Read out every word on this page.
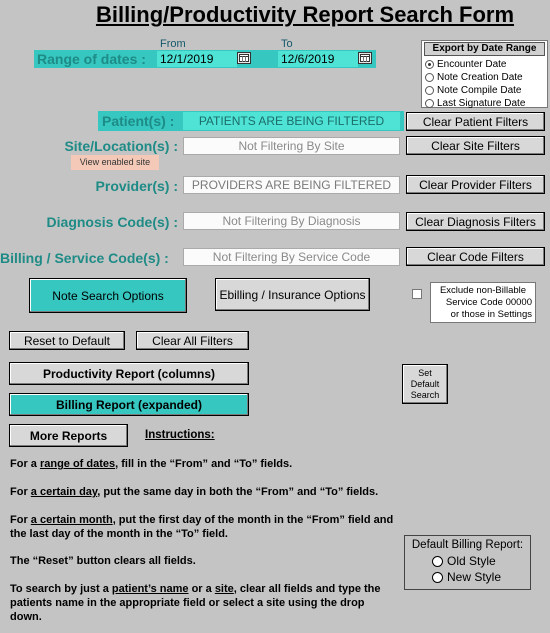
Billing/Productivity Report Search Form
Range of dates :
From	To
12/1/2019	12/6/2019
Export by Date Range
Encounter Date
Note Creation Date
Note Compile Date
Last Signature Date
Patient(s) :	PATIENTS ARE BEING FILTERED	Clear Patient Filters
Site/Location(s) :	Not Filtering By Site	Clear Site Filters
View enabled site
Provider(s) :	PROVIDERS ARE BEING FILTERED	Clear Provider Filters
Diagnosis Code(s) :	Not Filtering By Diagnosis	Clear Diagnosis Filters
Billing / Service Code(s) :	Not Filtering By Service Code	Clear Code Filters
Note Search Options	Ebilling / Insurance Options	Exclude non-Billable
Service Code 00000
or those in Settings
Reset to Default	Clear All Filters
Productivity Report (columns)
Billing Report (expanded)
Set
Default
Search
More Reports	Instructions:
For a range of dates, fill in the “From” and “To” fields.
For a certain day, put the same day in both the “From” and “To” fields.
For a certain month, put the first day of the month in the “From” field and the last day of the month in the “To” field.
The “Reset” button clears all fields.
To search by just a patient’s name or a site, clear all fields and type the patients name in the appropriate field or select a site using the drop down.
Default Billing Report:
Old Style
New Style
